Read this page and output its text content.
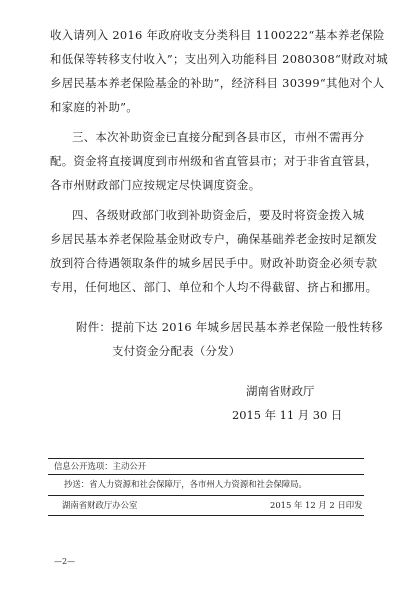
收入请列入 2016 年政府收支分类科目 1100222“基本养老保险
和低保等转移支付收入”；支出列入功能科目 2080308“财政对城
乡居民基本养老保险基金的补助”，经济科目 30399“其他对个人
和家庭的补助”。
三、本次补助资金已直接分配到各县市区，市州不需再分
配。资金将直接调度到市州级和省直管县市；对于非省直管县，
各市州财政部门应按规定尽快调度资金。
四、各级财政部门收到补助资金后，要及时将资金拨入城
乡居民基本养老保险基金财政专户，确保基础养老金按时足额发
放到符合待遇领取条件的城乡居民手中。财政补助资金必须专款
专用，任何地区、部门、单位和个人均不得截留、挤占和挪用。
附件：提前下达 2016 年城乡居民基本养老保险一般性转移
支付资金分配表（分发）
湖南省财政厅
2015 年 11 月 30 日
信息公开选项：主动公开
抄送：省人力资源和社会保障厅，各市州人力资源和社会保障局。
湖南省财政厅办公室	2015 年 12 月 2 日印发
—2—
